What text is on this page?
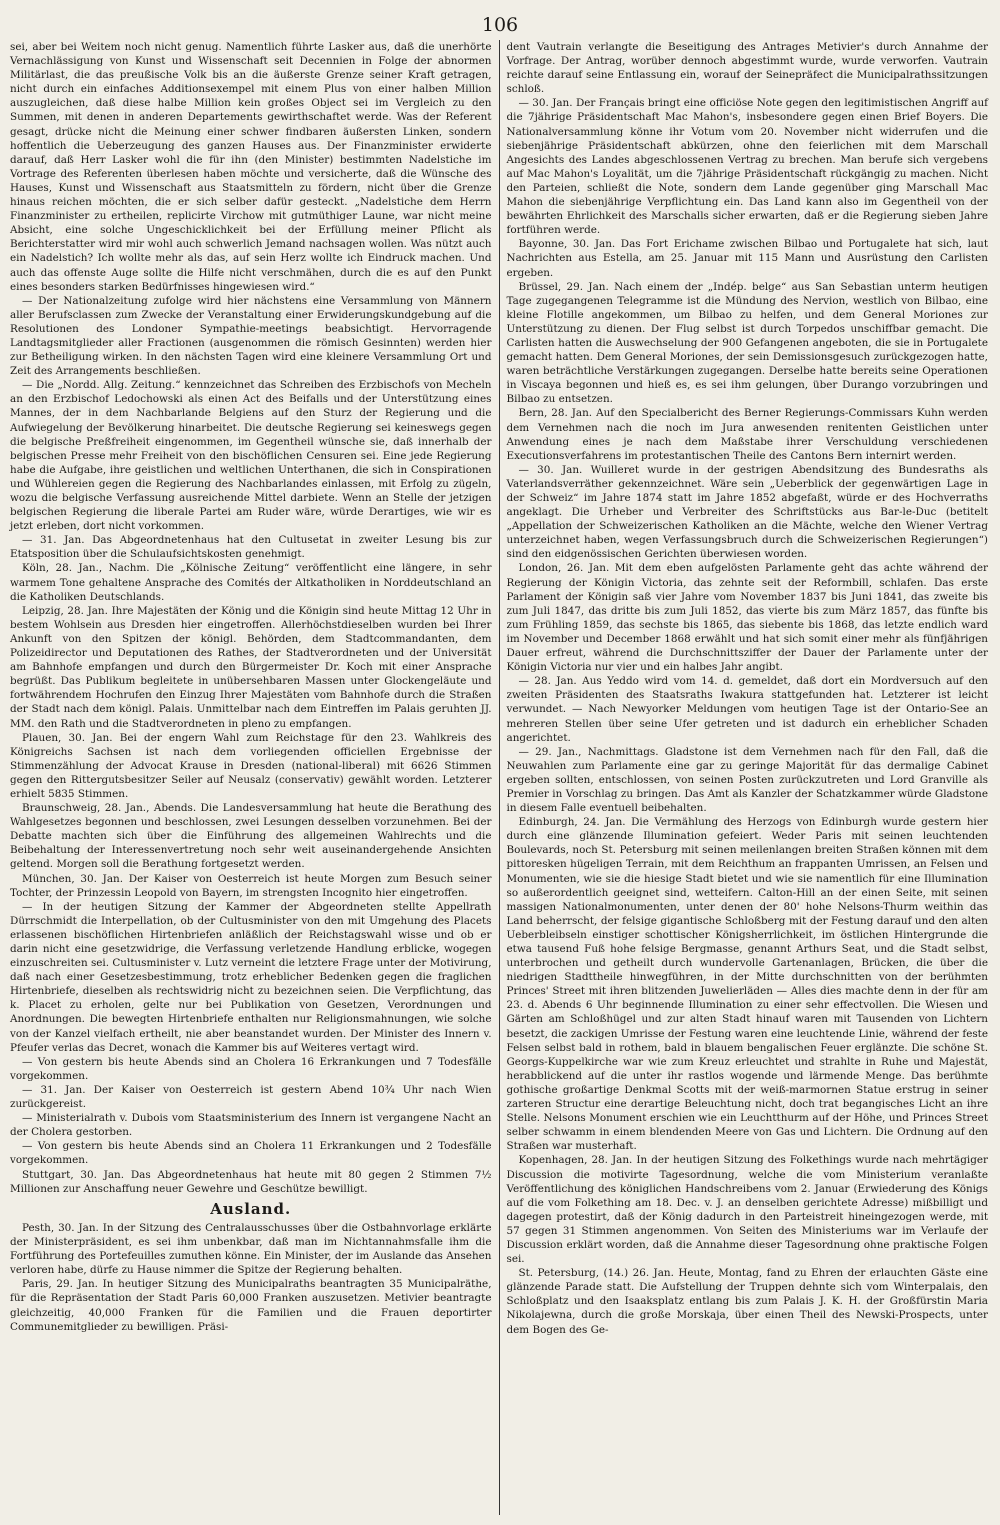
106

sei, aber bei Weitem noch nicht genug. Namentlich führte Lasker aus, daß die unerhörte Vernachlässigung von Kunst und Wissenschaft seit Decennien in Folge der abnormen Militärlast, die das preußische Volk bis an die äußerste Grenze seiner Kraft getragen, nicht durch ein einfaches Additionsexempel mit einem Plus von einer halben Million auszugleichen, daß diese halbe Million kein großes Object sei im Vergleich zu den Summen, mit denen in anderen Departements gewirthschaftet werde. Was der Referent gesagt, drücke nicht die Meinung einer schwer findbaren äußersten Linken, sondern hoffentlich die Ueberzeugung des ganzen Hauses aus. Der Finanzminister erwiderte darauf, daß Herr Lasker wohl die für ihn (den Minister) bestimmten Nadelstiche im Vortrage des Referenten überlesen haben möchte und versicherte, daß die Wünsche des Hauses, Kunst und Wissenschaft aus Staatsmitteln zu fördern, nicht über die Grenze hinaus reichen möchten, die er sich selber dafür gesteckt. „Nadelstiche dem Herrn Finanzminister zu ertheilen, replicirte Virchow mit gutmüthiger Laune, war nicht meine Absicht, eine solche Ungeschicklichkeit bei der Erfüllung meiner Pflicht als Berichterstatter wird mir wohl auch schwerlich Jemand nachsagen wollen. Was nützt auch ein Nadelstich? Ich wollte mehr als das, auf sein Herz wollte ich Eindruck machen. Und auch das offenste Auge sollte die Hilfe nicht verschmähen, durch die es auf den Punkt eines besonders starken Bedürfnisses hingewiesen wird.“

— Der Nationalzeitung zufolge wird hier nächstens eine Versammlung von Männern aller Berufsclassen zum Zwecke der Veranstaltung einer Erwiderungskundgebung auf die Resolutionen des Londoner Sympathie-meetings beabsichtigt. Hervorragende Landtagsmitglieder aller Fractionen (ausgenommen die römisch Gesinnten) werden hier zur Betheiligung wirken. In den nächsten Tagen wird eine kleinere Versammlung Ort und Zeit des Arrangements beschließen.

— Die „Nordd. Allg. Zeitung.“ kennzeichnet das Schreiben des Erzbischofs von Mecheln an den Erzbischof Ledochowski als einen Act des Beifalls und der Unterstützung eines Mannes, der in dem Nachbarlande Belgiens auf den Sturz der Regierung und die Aufwiegelung der Bevölkerung hinarbeitet. Die deutsche Regierung sei keineswegs gegen die belgische Preßfreiheit eingenommen, im Gegentheil wünsche sie, daß innerhalb der belgischen Presse mehr Freiheit von den bischöflichen Censuren sei. Eine jede Regierung habe die Aufgabe, ihre geistlichen und weltlichen Unterthanen, die sich in Conspirationen und Wühlereien gegen die Regierung des Nachbarlandes einlassen, mit Erfolg zu zügeln, wozu die belgische Verfassung ausreichende Mittel darbiete. Wenn an Stelle der jetzigen belgischen Regierung die liberale Partei am Ruder wäre, würde Derartiges, wie wir es jetzt erleben, dort nicht vorkommen.

— 31. Jan. Das Abgeordnetenhaus hat den Cultusetat in zweiter Lesung bis zur Etatsposition über die Schulaufsichtskosten genehmigt.

Köln, 28. Jan., Nachm. Die „Kölnische Zeitung“ veröffentlicht eine längere, in sehr warmem Tone gehaltene Ansprache des Comités der Altkatholiken in Norddeutschland an die Katholiken Deutschlands.

Leipzig, 28. Jan. Ihre Majestäten der König und die Königin sind heute Mittag 12 Uhr in bestem Wohlsein aus Dresden hier eingetroffen. Allerhöchstdieselben wurden bei Ihrer Ankunft von den Spitzen der königl. Behörden, dem Stadtcommandanten, dem Polizeidirector und Deputationen des Rathes, der Stadtverordneten und der Universität am Bahnhofe empfangen und durch den Bürgermeister Dr. Koch mit einer Ansprache begrüßt. Das Publikum begleitete in unübersehbaren Massen unter Glockengeläute und fortwährendem Hochrufen den Einzug Ihrer Majestäten vom Bahnhofe durch die Straßen der Stadt nach dem königl. Palais. Unmittelbar nach dem Eintreffen im Palais geruhten JJ. MM. den Rath und die Stadtverordneten in pleno zu empfangen.

Plauen, 30. Jan. Bei der engern Wahl zum Reichstage für den 23. Wahlkreis des Königreichs Sachsen ist nach dem vorliegenden officiellen Ergebnisse der Stimmenzählung der Advocat Krause in Dresden (national-liberal) mit 6626 Stimmen gegen den Rittergutsbesitzer Seiler auf Neusalz (conservativ) gewählt worden. Letzterer erhielt 5835 Stimmen.

Braunschweig, 28. Jan., Abends. Die Landesversammlung hat heute die Berathung des Wahlgesetzes begonnen und beschlossen, zwei Lesungen desselben vorzunehmen. Bei der Debatte machten sich über die Einführung des allgemeinen Wahlrechts und die Beibehaltung der Interessenvertretung noch sehr weit auseinandergehende Ansichten geltend. Morgen soll die Berathung fortgesetzt werden.

München, 30. Jan. Der Kaiser von Oesterreich ist heute Morgen zum Besuch seiner Tochter, der Prinzessin Leopold von Bayern, im strengsten Incognito hier eingetroffen.

— In der heutigen Sitzung der Kammer der Abgeordneten stellte Appellrath Dürrschmidt die Interpellation, ob der Cultusminister von den mit Umgehung des Placets erlassenen bischöflichen Hirtenbriefen anläßlich der Reichstagswahl wisse und ob er darin nicht eine gesetzwidrige, die Verfassung verletzende Handlung erblicke, wogegen einzuschreiten sei. Cultusminister v. Lutz verneint die letztere Frage unter der Motivirung, daß nach einer Gesetzesbestimmung, trotz erheblicher Bedenken gegen die fraglichen Hirtenbriefe, dieselben als rechtswidrig nicht zu bezeichnen seien. Die Verpflichtung, das k. Placet zu erholen, gelte nur bei Publikation von Gesetzen, Verordnungen und Anordnungen. Die bewegten Hirtenbriefe enthalten nur Religionsmahnungen, wie solche von der Kanzel vielfach ertheilt, nie aber beanstandet wurden. Der Minister des Innern v. Pfeufer verlas das Decret, wonach die Kammer bis auf Weiteres vertagt wird.

— Von gestern bis heute Abends sind an Cholera 16 Erkrankungen und 7 Todesfälle vorgekommen.

— 31. Jan. Der Kaiser von Oesterreich ist gestern Abend 10¾ Uhr nach Wien zurückgereist.

— Ministerialrath v. Dubois vom Staatsministerium des Innern ist vergangene Nacht an der Cholera gestorben.

— Von gestern bis heute Abends sind an Cholera 11 Erkrankungen und 2 Todesfälle vorgekommen.

Stuttgart, 30. Jan. Das Abgeordnetenhaus hat heute mit 80 gegen 2 Stimmen 7½ Millionen zur Anschaffung neuer Gewehre und Geschütze bewilligt.

Ausland.

Pesth, 30. Jan. In der Sitzung des Centralausschusses über die Ostbahnvorlage erklärte der Ministerpräsident, es sei ihm unbenkbar, daß man im Nichtannahmsfalle ihm die Fortführung des Portefeuilles zumuthen könne. Ein Minister, der im Auslande das Ansehen verloren habe, dürfe zu Hause nimmer die Spitze der Regierung behalten.

Paris, 29. Jan. In heutiger Sitzung des Municipalraths beantragten 35 Municipalräthe, für die Repräsentation der Stadt Paris 60,000 Franken auszusetzen. Metivier beantragte gleichzeitig, 40,000 Franken für die Familien und die Frauen deportirter Communemitglieder zu bewilligen. Präsi-

dent Vautrain verlangte die Beseitigung des Antrages Metivier's durch Annahme der Vorfrage. Der Antrag, worüber dennoch abgestimmt wurde, wurde verworfen. Vautrain reichte darauf seine Entlassung ein, worauf der Seinepräfect die Municipalrathssitzungen schloß.

— 30. Jan. Der Français bringt eine officiöse Note gegen den legitimistischen Angriff auf die 7jährige Präsidentschaft Mac Mahon's, insbesondere gegen einen Brief Boyers. Die Nationalversammlung könne ihr Votum vom 20. November nicht widerrufen und die siebenjährige Präsidentschaft abkürzen, ohne den feierlichen mit dem Marschall Angesichts des Landes abgeschlossenen Vertrag zu brechen. Man berufe sich vergebens auf Mac Mahon's Loyalität, um die 7jährige Präsidentschaft rückgängig zu machen. Nicht den Parteien, schließt die Note, sondern dem Lande gegenüber ging Marschall Mac Mahon die siebenjährige Verpflichtung ein. Das Land kann also im Gegentheil von der bewährten Ehrlichkeit des Marschalls sicher erwarten, daß er die Regierung sieben Jahre fortführen werde.

Bayonne, 30. Jan. Das Fort Erichame zwischen Bilbao und Portugalete hat sich, laut Nachrichten aus Estella, am 25. Januar mit 115 Mann und Ausrüstung den Carlisten ergeben.

Brüssel, 29. Jan. Nach einem der „Indép. belge“ aus San Sebastian unterm heutigen Tage zugegangenen Telegramme ist die Mündung des Nervion, westlich von Bilbao, eine kleine Flotille angekommen, um Bilbao zu helfen, und dem General Moriones zur Unterstützung zu dienen. Der Flug selbst ist durch Torpedos unschiffbar gemacht. Die Carlisten hatten die Auswechselung der 900 Gefangenen angeboten, die sie in Portugalete gemacht hatten. Dem General Moriones, der sein Demissionsgesuch zurückgezogen hatte, waren beträchtliche Verstärkungen zugegangen. Derselbe hatte bereits seine Operationen in Viscaya begonnen und hieß es, es sei ihm gelungen, über Durango vorzubringen und Bilbao zu entsetzen.

Bern, 28. Jan. Auf den Specialbericht des Berner Regierungs-Commissars Kuhn werden dem Vernehmen nach die noch im Jura anwesenden renitenten Geistlichen unter Anwendung eines je nach dem Maßstabe ihrer Verschuldung verschiedenen Executionsverfahrens im protestantischen Theile des Cantons Bern internirt werden.

— 30. Jan. Wuilleret wurde in der gestrigen Abendsitzung des Bundesraths als Vaterlandsverräther gekennzeichnet. Wäre sein „Ueberblick der gegenwärtigen Lage in der Schweiz“ im Jahre 1874 statt im Jahre 1852 abgefaßt, würde er des Hochverraths angeklagt. Die Urheber und Verbreiter des Schriftstücks aus Bar-le-Duc (betitelt „Appellation der Schweizerischen Katholiken an die Mächte, welche den Wiener Vertrag unterzeichnet haben, wegen Verfassungsbruch durch die Schweizerischen Regierungen“) sind den eidgenössischen Gerichten überwiesen worden.

London, 26. Jan. Mit dem eben aufgelösten Parlamente geht das achte während der Regierung der Königin Victoria, das zehnte seit der Reformbill, schlafen. Das erste Parlament der Königin saß vier Jahre vom November 1837 bis Juni 1841, das zweite bis zum Juli 1847, das dritte bis zum Juli 1852, das vierte bis zum März 1857, das fünfte bis zum Frühling 1859, das sechste bis 1865, das siebente bis 1868, das letzte endlich ward im November und December 1868 erwählt und hat sich somit einer mehr als fünfjährigen Dauer erfreut, während die Durchschnittsziffer der Dauer der Parlamente unter der Königin Victoria nur vier und ein halbes Jahr angibt.

— 28. Jan. Aus Yeddo wird vom 14. d. gemeldet, daß dort ein Mordversuch auf den zweiten Präsidenten des Staatsraths Iwakura stattgefunden hat. Letzterer ist leicht verwundet. — Nach Newyorker Meldungen vom heutigen Tage ist der Ontario-See an mehreren Stellen über seine Ufer getreten und ist dadurch ein erheblicher Schaden angerichtet.

— 29. Jan., Nachmittags. Gladstone ist dem Vernehmen nach für den Fall, daß die Neuwahlen zum Parlamente eine gar zu geringe Majorität für das dermalige Cabinet ergeben sollten, entschlossen, von seinen Posten zurückzutreten und Lord Granville als Premier in Vorschlag zu bringen. Das Amt als Kanzler der Schatzkammer würde Gladstone in diesem Falle eventuell beibehalten.

Edinburgh, 24. Jan. Die Vermählung des Herzogs von Edinburgh wurde gestern hier durch eine glänzende Illumination gefeiert. Weder Paris mit seinen leuchtenden Boulevards, noch St. Petersburg mit seinen meilenlangen breiten Straßen können mit dem pittoresken hügeligen Terrain, mit dem Reichthum an frappanten Umrissen, an Felsen und Monumenten, wie sie die hiesige Stadt bietet und wie sie namentlich für eine Illumination so außerordentlich geeignet sind, wetteifern. Calton-Hill an der einen Seite, mit seinen massigen Nationalmonumenten, unter denen der 80' hohe Nelsons-Thurm weithin das Land beherrscht, der felsige gigantische Schloßberg mit der Festung darauf und den alten Ueberbleibseln einstiger schottischer Königsherrlichkeit, im östlichen Hintergrunde die etwa tausend Fuß hohe felsige Bergmasse, genannt Arthurs Seat, und die Stadt selbst, unterbrochen und getheilt durch wundervolle Gartenanlagen, Brücken, die über die niedrigen Stadttheile hinwegführen, in der Mitte durchschnitten von der berühmten Princes' Street mit ihren blitzenden Juwelierläden — Alles dies machte denn in der für am 23. d. Abends 6 Uhr beginnende Illumination zu einer sehr effectvollen. Die Wiesen und Gärten am Schloßhügel und zur alten Stadt hinauf waren mit Tausenden von Lichtern besetzt, die zackigen Umrisse der Festung waren eine leuchtende Linie, während der feste Felsen selbst bald in rothem, bald in blauem bengalischen Feuer erglänzte. Die schöne St. Georgs-Kuppelkirche war wie zum Kreuz erleuchtet und strahlte in Ruhe und Majestät, herabblickend auf die unter ihr rastlos wogende und lärmende Menge. Das berühmte gothische großartige Denkmal Scotts mit der weiß-marmornen Statue erstrug in seiner zarteren Structur eine derartige Beleuchtung nicht, doch trat begangisches Licht an ihre Stelle. Nelsons Monument erschien wie ein Leuchtthurm auf der Höhe, und Princes Street selber schwamm in einem blendenden Meere von Gas und Lichtern. Die Ordnung auf den Straßen war musterhaft.

Kopenhagen, 28. Jan. In der heutigen Sitzung des Folkethings wurde nach mehrtägiger Discussion die motivirte Tagesordnung, welche die vom Ministerium veranlaßte Veröffentlichung des königlichen Handschreibens vom 2. Januar (Erwiederung des Königs auf die vom Folkething am 18. Dec. v. J. an denselben gerichtete Adresse) mißbilligt und dagegen protestirt, daß der König dadurch in den Parteistreit hineingezogen werde, mit 57 gegen 31 Stimmen angenommen. Von Seiten des Ministeriums war im Verlaufe der Discussion erklärt worden, daß die Annahme dieser Tagesordnung ohne praktische Folgen sei.

St. Petersburg, (14.) 26. Jan. Heute, Montag, fand zu Ehren der erlauchten Gäste eine glänzende Parade statt. Die Aufstellung der Truppen dehnte sich vom Winterpalais, den Schloßplatz und den Isaaksplatz entlang bis zum Palais J. K. H. der Großfürstin Maria Nikolajewna, durch die große Morskaja, über einen Theil des Newski-Prospects, unter dem Bogen des Ge-
